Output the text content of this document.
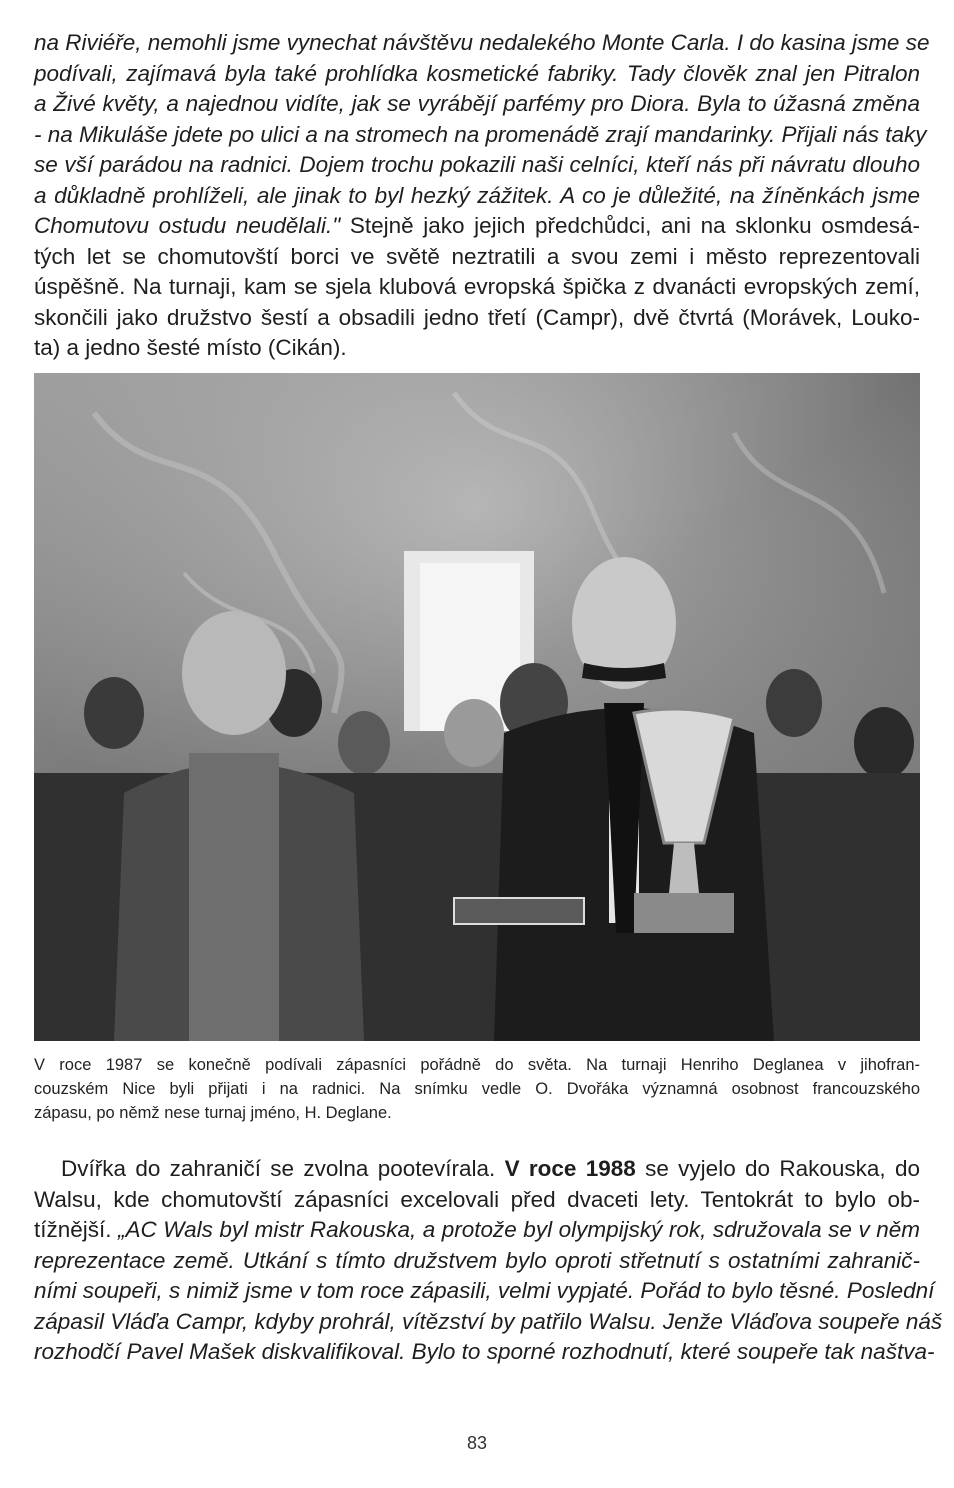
na Riviéře, nemohli jsme vynechat návštěvu nedalekého Monte Carla. I do kasina jsme se
podívali, zajímavá byla také prohlídka kosmetické fabriky. Tady člověk znal jen Pitralon
a Živé květy, a najednou vidíte, jak se vyrábějí parfémy pro Diora. Byla to úžasná změna
- na Mikuláše jdete po ulici a na stromech na promenádě zrají mandarinky. Přijali nás taky
se vší parádou na radnici. Dojem trochu pokazili naši celníci, kteří nás při návratu dlouho
a důkladně prohlíželi, ale jinak to byl hezký zážitek. A co je důležité, na žíněnkách jsme
Chomutovu ostudu neudělali." Stejně jako jejich předchůdci, ani na sklonku osmdesá-
tých let se chomutovští borci ve světě neztratili a svou zemi i město reprezentovali
úspěšně. Na turnaji, kam se sjela klubová evropská špička z dvanácti evropských zemí,
skončili jako družstvo šestí a obsadili jedno třetí (Campr), dvě čtvrtá (Morávek, Louko-
ta) a jedno šesté místo (Cikán).
V roce 1987 se konečně podívali zápasníci pořádně do světa. Na turnaji Henriho Deglanea v jihofran-
couzském Nice byli přijati i na radnici. Na snímku vedle O. Dvořáka významná osobnost francouzského
zápasu, po němž nese turnaj jméno, H. Deglane.
Dvířka do zahraničí se zvolna pootevírala. V roce 1988 se vyjelo do Rakouska, do
Walsu, kde chomutovští zápasníci excelovali před dvaceti lety. Tentokrát to bylo ob-
tížnější. „AC Wals byl mistr Rakouska, a protože byl olympijský rok, sdružovala se v něm
reprezentace země. Utkání s tímto družstvem bylo oproti střetnutí s ostatními zahranič-
ními soupeři, s nimiž jsme v tom roce zápasili, velmi vypjaté. Pořád to bylo těsné. Poslední
zápasil Vláďa Campr, kdyby prohrál, vítězství by patřilo Walsu. Jenže Vláďova soupeře náš
rozhodčí Pavel Mašek diskvalifikoval. Bylo to sporné rozhodnutí, které soupeře tak naštva-
83
